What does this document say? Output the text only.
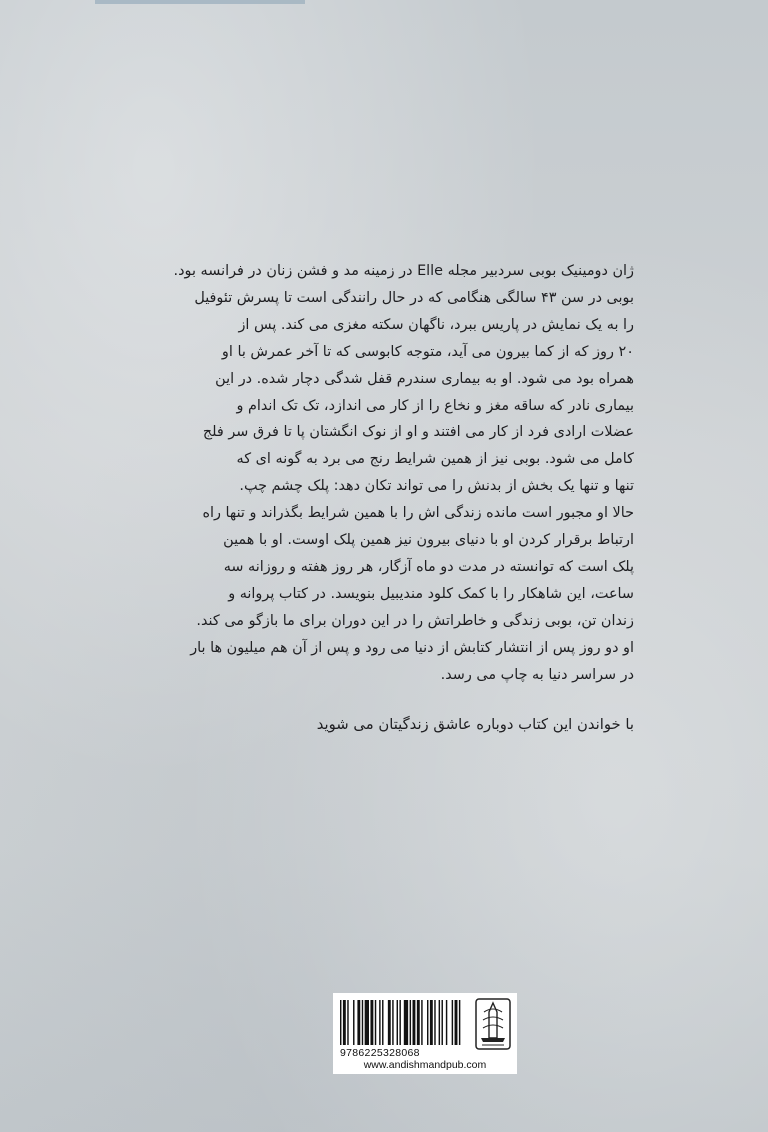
ژان دومینیک بوبی سردبیر مجله Elle در زمینه مد و فشن زنان در فرانسه بود.

بوبی در سن ۴۳ سالگی هنگامی که در حال رانندگی است تا پسرش تئوفیل

را به یک نمایش در پاریس ببرد، ناگهان سکته مغزی می کند. پس از

۲۰ روز که از کما بیرون می آید، متوجه کابوسی که تا آخر عمرش با او

همراه بود می شود. او به بیماری سندرم قفل شدگی دچار شده. در این

بیماری نادر که ساقه مغز و نخاع را از کار می اندازد، تک تک اندام و

عضلات ارادی فرد از کار می افتند و او از نوک انگشتان پا تا فرق سر فلج

کامل می شود. بوبی نیز از همین شرایط رنج می برد به گونه ای که

تنها و تنها یک بخش از بدنش را می تواند تکان دهد: پلک چشم چپ.

حالا او مجبور است مانده زندگی اش را با همین شرایط بگذراند و تنها راه

ارتباط برقرار کردن او با دنیای بیرون نیز همین پلک اوست. او با همین

پلک است که توانسته در مدت دو ماه آزگار، هر روز هفته و روزانه سه

ساعت، این شاهکار را با کمک کلود مندیبیل بنویسد. در کتاب پروانه و

زندان تن، بوبی زندگی و خاطراتش را در این دوران برای ما بازگو می کند.

او دو روز پس از انتشار کتابش از دنیا می رود و پس از آن هم میلیون ها بار

در سراسر دنیا به چاپ می رسد.

با خواندن این کتاب دوباره عاشق زندگیتان می شوید

9786225328068
www.andishmandpub.com
